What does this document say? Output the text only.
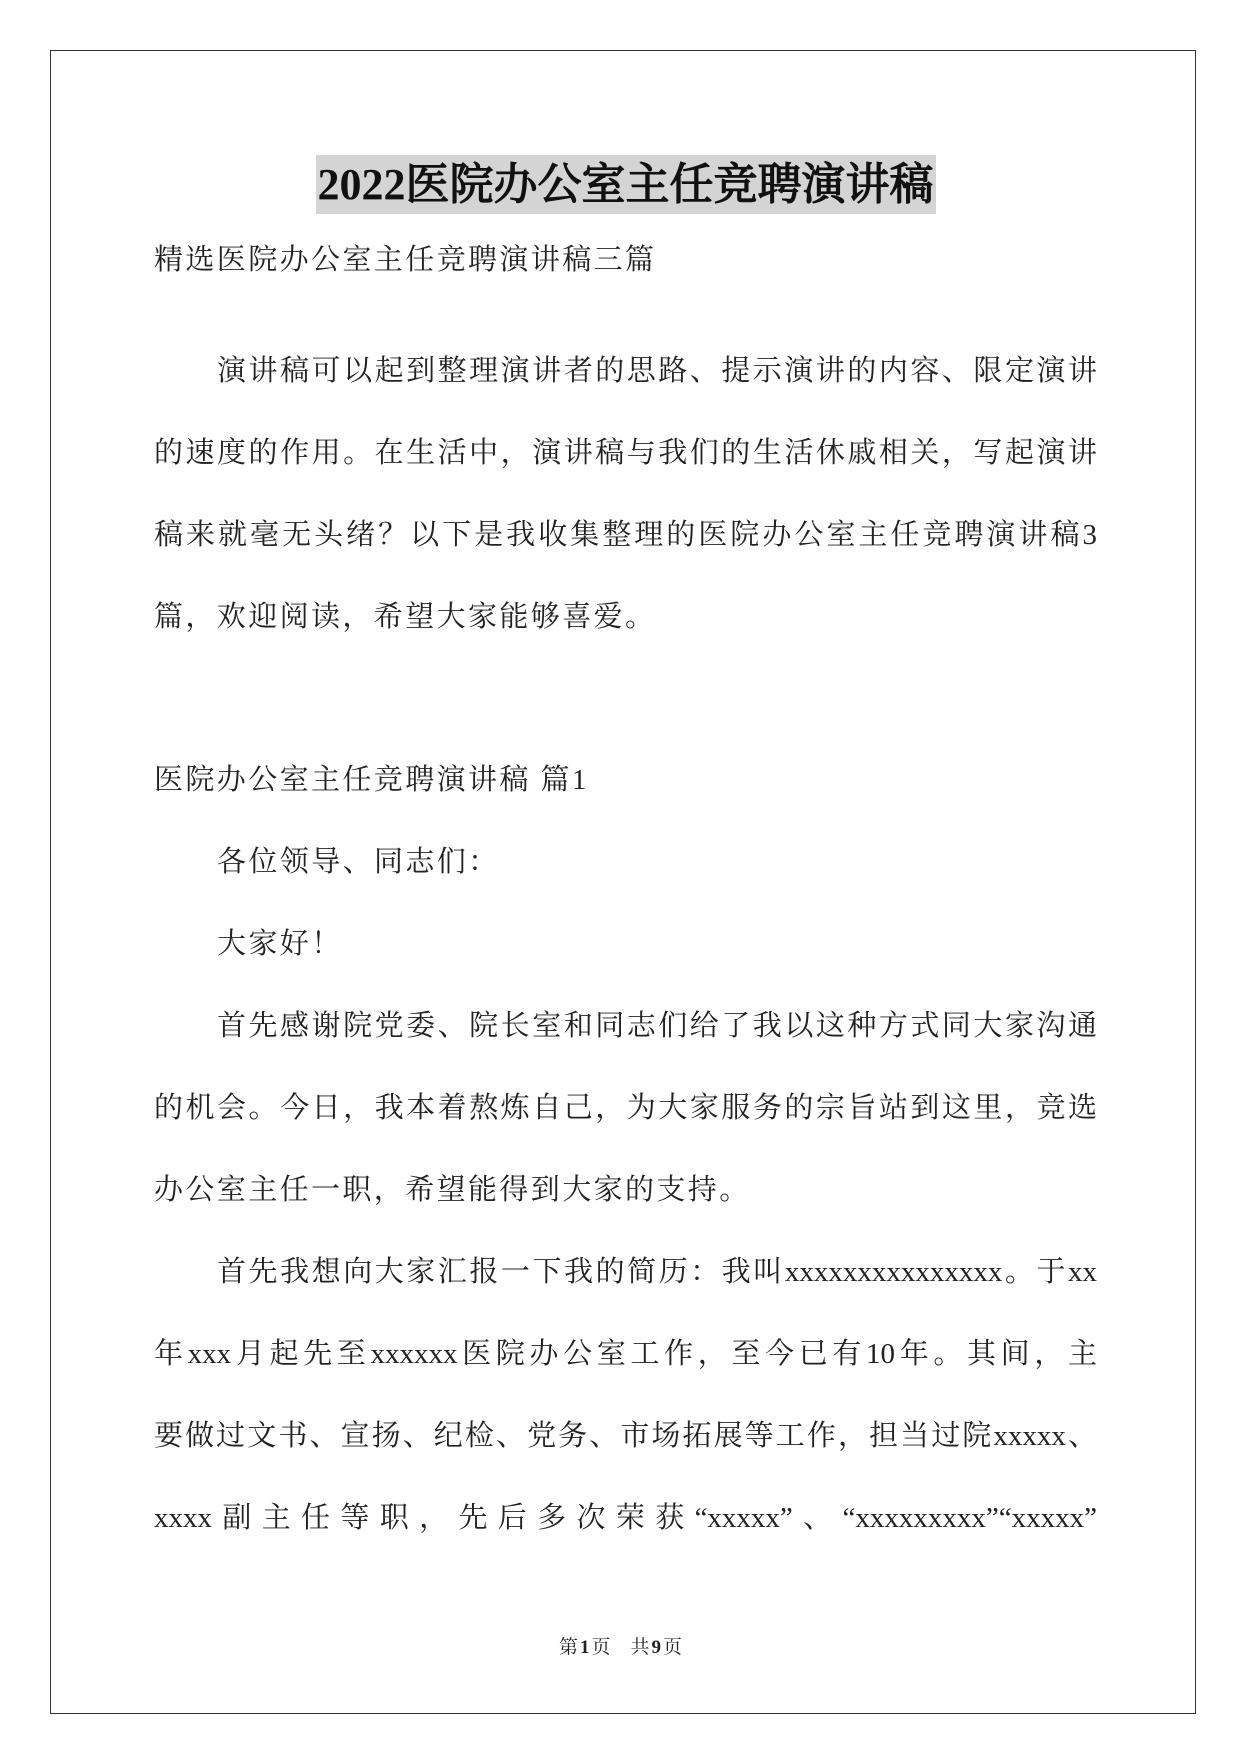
2022医院办公室主任竞聘演讲稿
精选医院办公室主任竞聘演讲稿三篇
演讲稿可以起到整理演讲者的思路、提示演讲的内容、限定演讲
的速度的作用。在生活中，演讲稿与我们的生活休戚相关，写起演讲
稿来就毫无头绪？以下是我收集整理的医院办公室主任竞聘演讲稿3
篇，欢迎阅读，希望大家能够喜爱。
医院办公室主任竞聘演讲稿 篇1
各位领导、同志们：
大家好！
首先感谢院党委、院长室和同志们给了我以这种方式同大家沟通
的机会。今日，我本着熬炼自己，为大家服务的宗旨站到这里，竞选
办公室主任一职，希望能得到大家的支持。
首先我想向大家汇报一下我的简历：我叫xxxxxxxxxxxxxxx。于xx
年xxx月起先至xxxxxx医院办公室工作，至今已有10年。其间，主
要做过文书、宣扬、纪检、党务、市场拓展等工作，担当过院xxxxx、
xxxx副主任等职，先后多次荣获“xxxxx”、“xxxxxxxxx”“xxxxx”
第 1 页 共 9 页
